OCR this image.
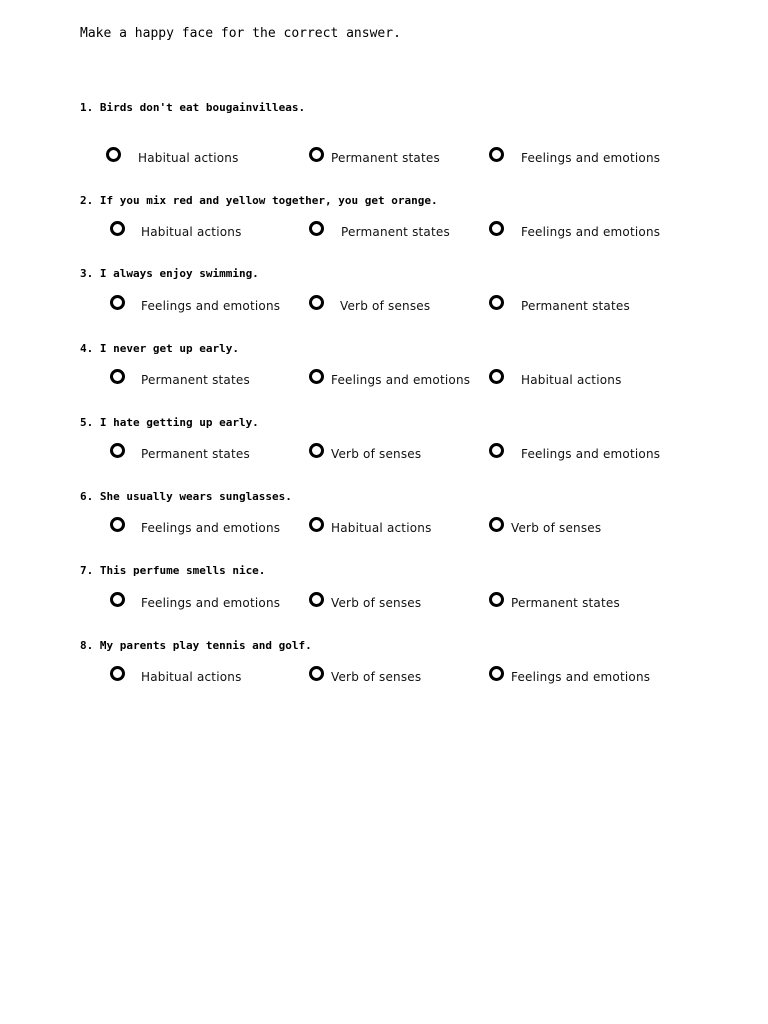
Make a happy face for the correct answer.
1. Birds don't eat bougainvilleas.
Habitual actions	Permanent states	Feelings and emotions
2. If you mix red and yellow together, you get orange.
Habitual actions	Permanent states	Feelings and emotions
3. I always enjoy swimming.
Feelings and emotions	Verb of senses	Permanent states
4. I never get up early.
Permanent states	Feelings and emotions	Habitual actions
5. I hate getting up early.
Permanent states	Verb of senses	Feelings and emotions
6. She usually wears sunglasses.
Feelings and emotions	Habitual actions	Verb of senses
7. This perfume smells nice.
Feelings and emotions	Verb of senses	Permanent states
8. My parents play tennis and golf.
Habitual actions	Verb of senses	Feelings and emotions
